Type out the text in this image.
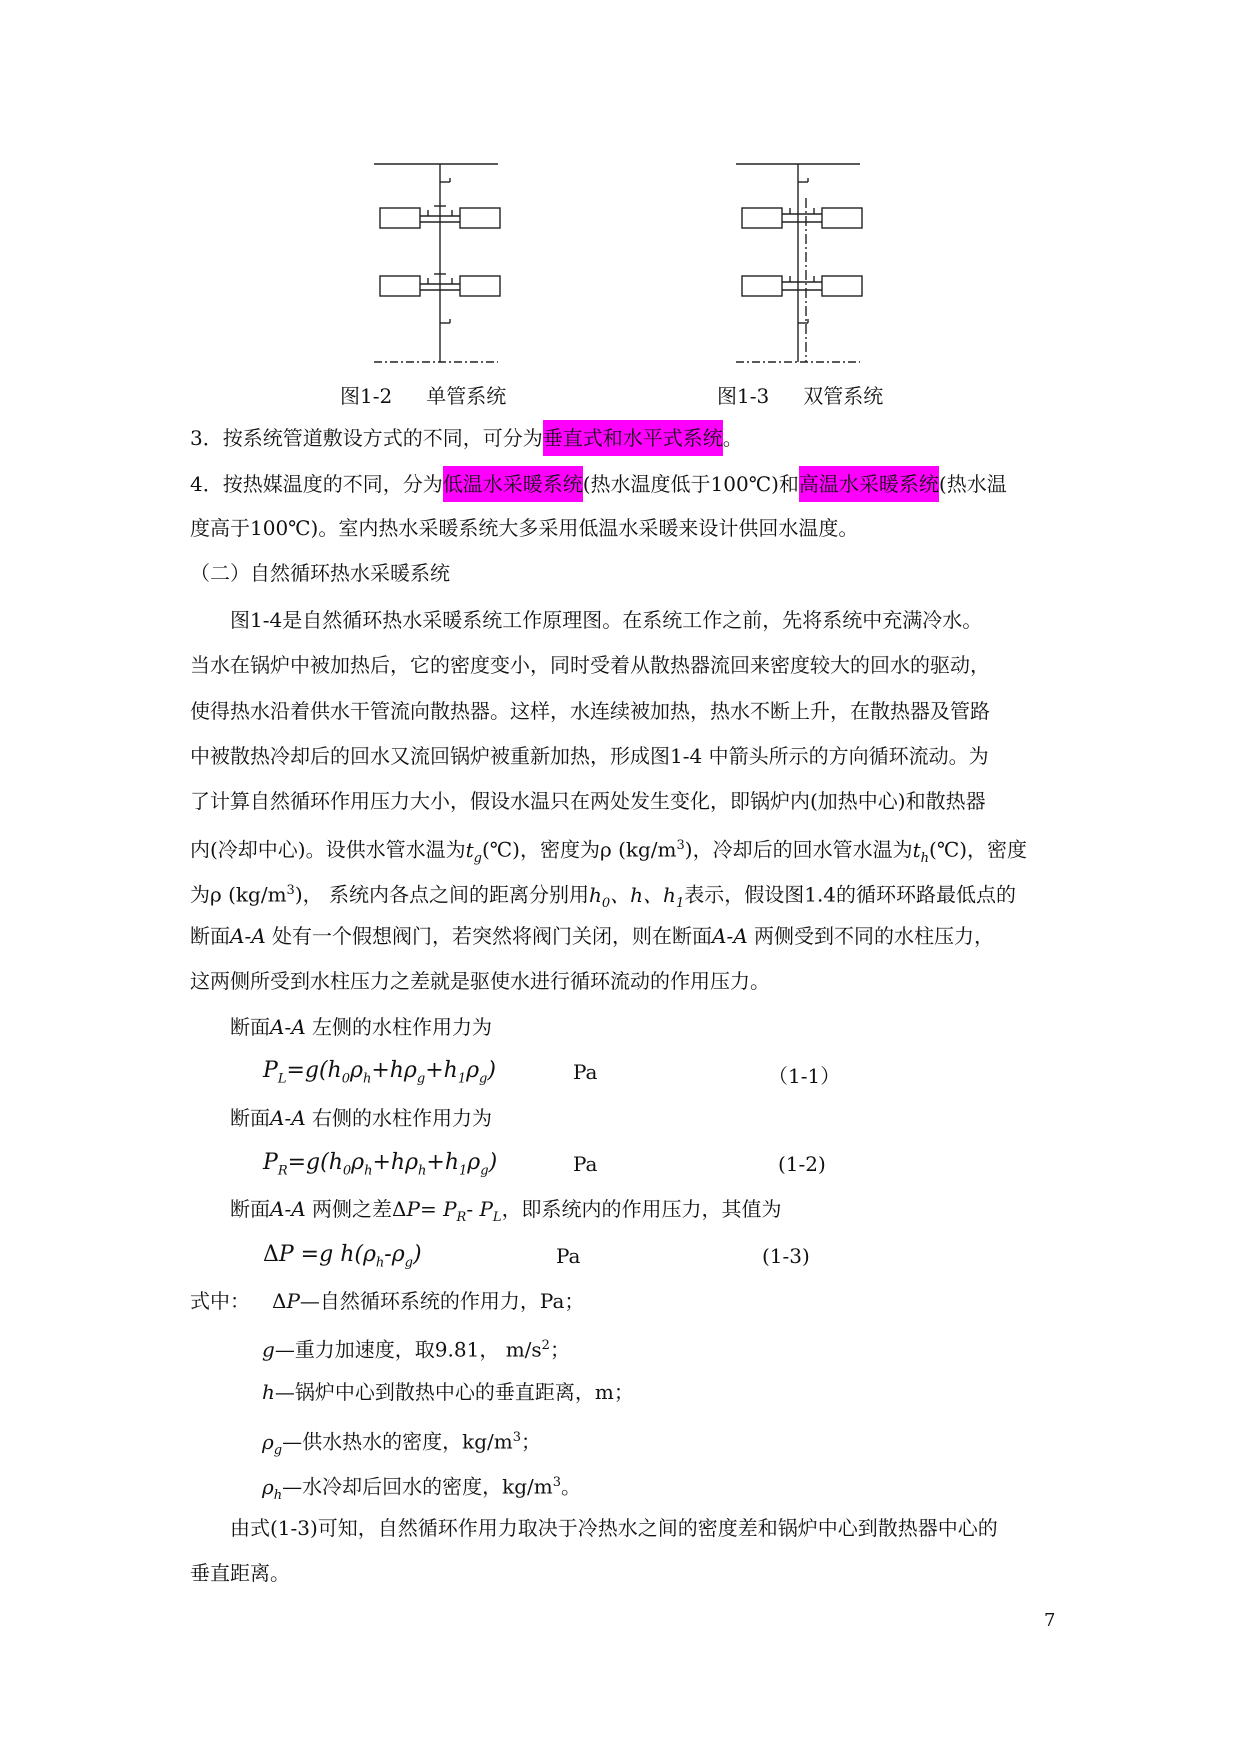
图1-2 单管系统	图1-3 双管系统
3．按系统管道敷设方式的不同，可分为垂直式和水平式系统。
4．按热媒温度的不同，分为低温水采暖系统(热水温度低于100℃)和高温水采暖系统(热水温
度高于100℃)。室内热水采暖系统大多采用低温水采暖来设计供回水温度。
（二）自然循环热水采暖系统
图1-4是自然循环热水采暖系统工作原理图。在系统工作之前，先将系统中充满冷水。
当水在锅炉中被加热后，它的密度变小，同时受着从散热器流回来密度较大的回水的驱动，
使得热水沿着供水干管流向散热器。这样，水连续被加热，热水不断上升，在散热器及管路
中被散热冷却后的回水又流回锅炉被重新加热，形成图1-4 中箭头所示的方向循环流动。为
了计算自然循环作用压力大小，假设水温只在两处发生变化，即锅炉内(加热中心)和散热器
内(冷却中心)。设供水管水温为$t_g(℃)$，密度为ρ $(kg/m^3)$，冷却后的回水管水温为$t_h(℃)$，密度
为ρ $(kg/m^3)$， 系统内各点之间的距离分别用$h_0$、h、$h_1$表示，假设图1.4的循环环路最低点的
断面A-A 处有一个假想阀门，若突然将阀门关闭，则在断面A-A 两侧受到不同的水柱压力，
这两侧所受到水柱压力之差就是驱使水进行循环流动的作用压力。
断面A-A 左侧的水柱作用力为
$P_L=g(h_0\rho_h+h\rho_g+h_1\rho_g)$	Pa	（1-1）
断面A-A 右侧的水柱作用力为
$P_R=g(h_0\rho_h+h\rho_h+h_1\rho_g)$	Pa	(1-2)
断面A-A 两侧之差$\Delta P= P_R-$ $P_L$，即系统内的作用压力，其值为
ΔP =g $h(\rho_h-\rho_g)$	Pa	(1-3)
式中： ΔP—自然循环系统的作用力，Pa；
g—重力加速度，取9.81， $m/s^2$；
h—锅炉中心到散热中心的垂直距离，m；
$\rho_g—$供水热水的密度，$kg/m^3$；
$\rho_h—$水冷却后回水的密度，$kg/m^3$。
由式(1-3)可知，自然循环作用力取决于冷热水之间的密度差和锅炉中心到散热器中心的
垂直距离。
7
